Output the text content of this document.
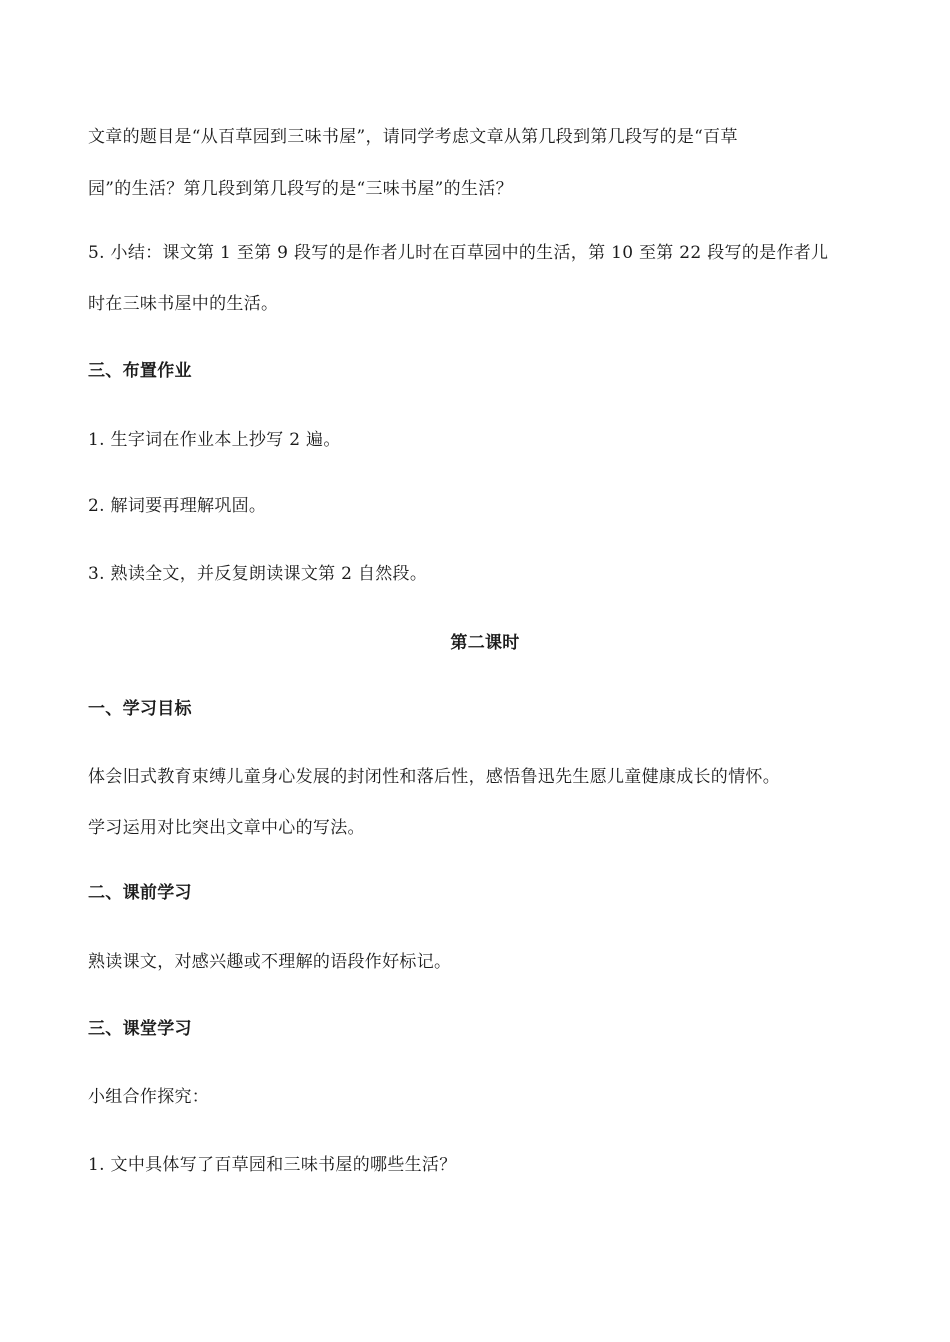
文章的题目是“从百草园到三味书屋”，请同学考虑文章从第几段到第几段写的是“百草
园”的生活？第几段到第几段写的是“三味书屋”的生活？
5. 小结：课文第 1 至第 9 段写的是作者儿时在百草园中的生活，第 10 至第 22 段写的是作者儿
时在三味书屋中的生活。
三、布置作业
1. 生字词在作业本上抄写 2 遍。
2. 解词要再理解巩固。
3. 熟读全文，并反复朗读课文第 2 自然段。
第二课时
一、学习目标
体会旧式教育束缚儿童身心发展的封闭性和落后性，感悟鲁迅先生愿儿童健康成长的情怀。
学习运用对比突出文章中心的写法。
二、课前学习
熟读课文，对感兴趣或不理解的语段作好标记。
三、课堂学习
小组合作探究：
1. 文中具体写了百草园和三味书屋的哪些生活？
